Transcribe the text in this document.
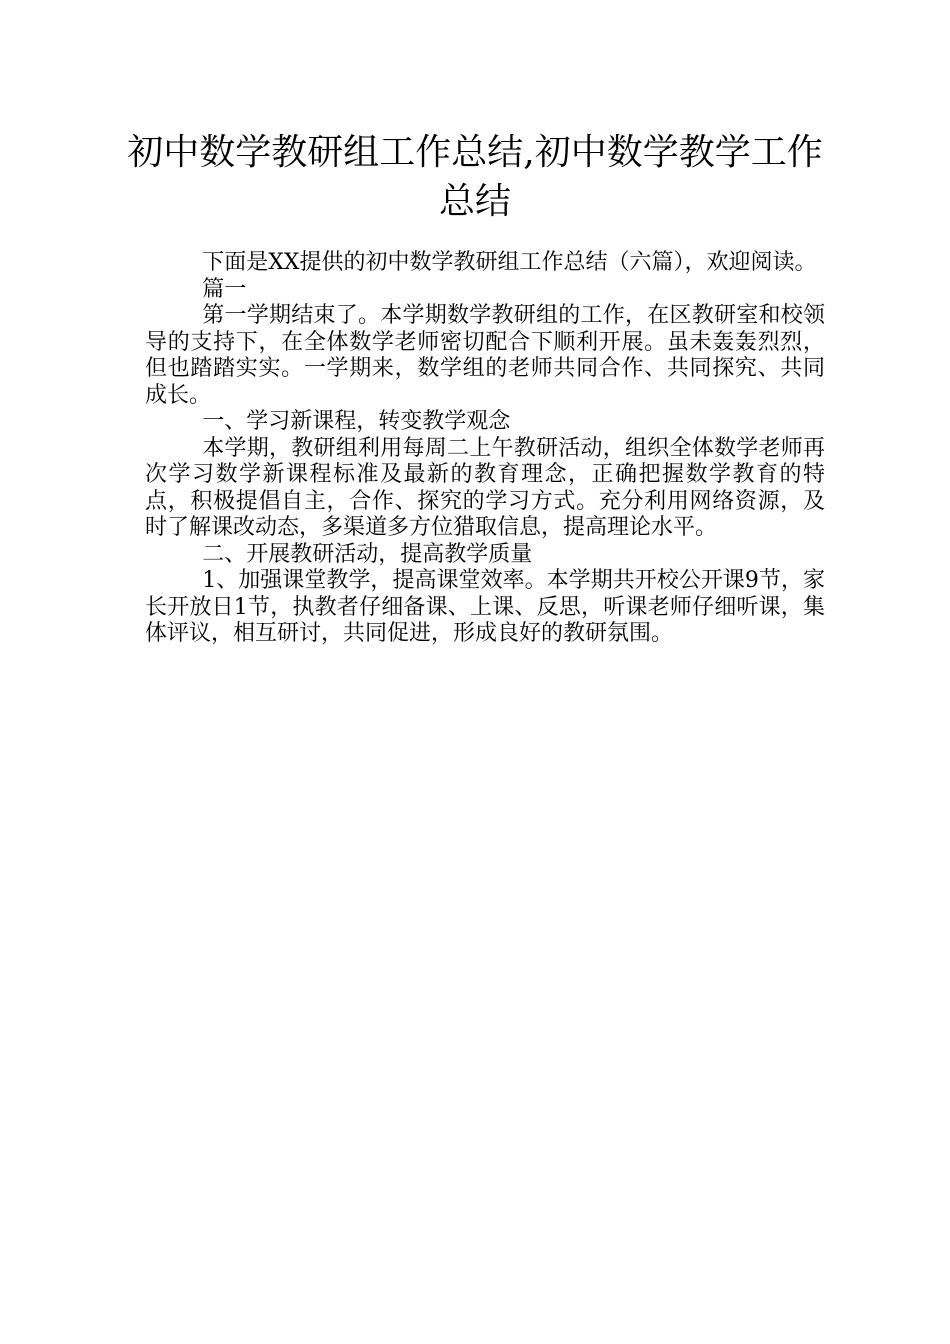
初中数学教研组工作总结,初中数学教学工作总结

下面是XX提供的初中数学教研组工作总结（六篇），欢迎阅读。

篇一

第一学期结束了。本学期数学教研组的工作，在区教研室和校领导的支持下，在全体数学老师密切配合下顺利开展。虽未轰轰烈烈，但也踏踏实实。一学期来，数学组的老师共同合作、共同探究、共同成长。

一、学习新课程，转变教学观念

本学期，教研组利用每周二上午教研活动，组织全体数学老师再次学习数学新课程标准及最新的教育理念，正确把握数学教育的特点，积极提倡自主，合作、探究的学习方式。充分利用网络资源，及时了解课改动态，多渠道多方位猎取信息，提高理论水平。

二、开展教研活动，提高教学质量

1、加强课堂教学，提高课堂效率。本学期共开校公开课9节，家长开放日1节，执教者仔细备课、上课、反思，听课老师仔细听课，集体评议，相互研讨，共同促进，形成良好的教研氛围。
